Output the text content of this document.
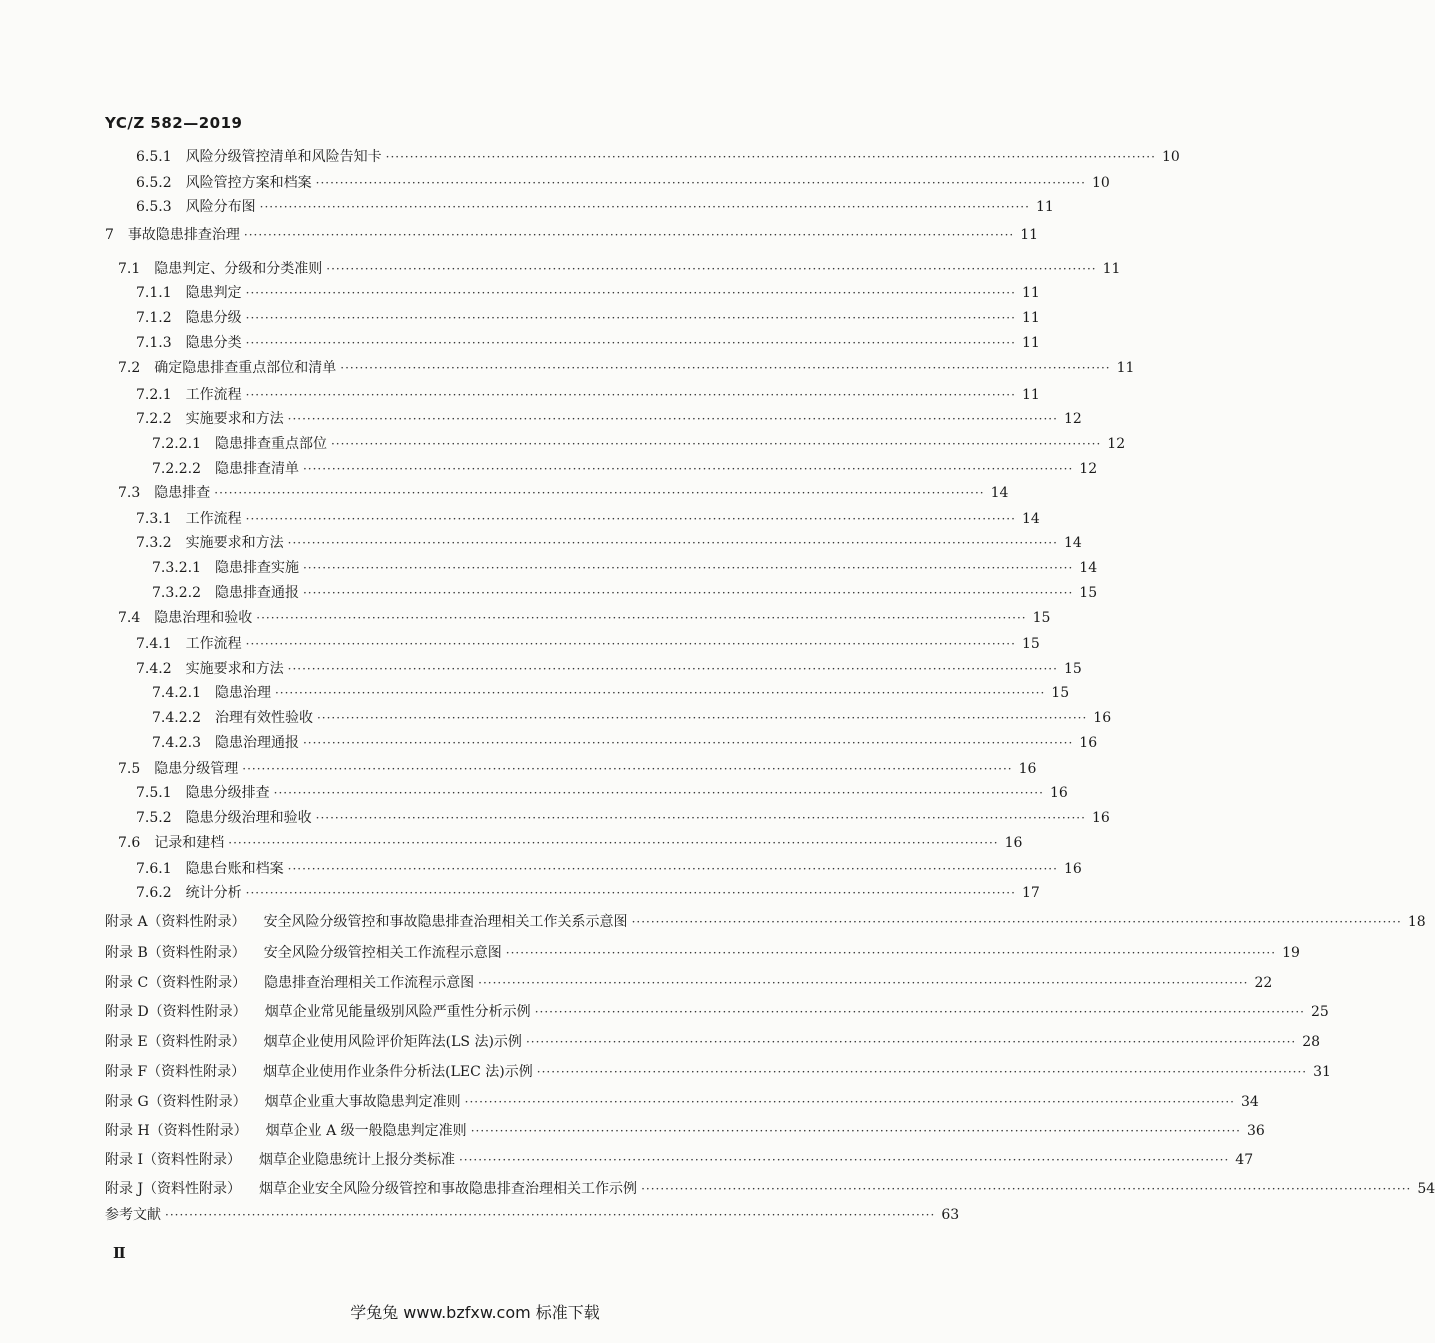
YC/Z 582—2019
6.5.1 风险分级管控清单和风险告知卡 ································································································································································ 10
6.5.2 风险管控方案和档案 ································································································································································ 10
6.5.3 风险分布图 ································································································································································ 11
7 事故隐患排查治理 ································································································································································ 11
7.1 隐患判定、分级和分类准则 ································································································································································ 11
7.1.1 隐患判定 ································································································································································ 11
7.1.2 隐患分级 ································································································································································ 11
7.1.3 隐患分类 ································································································································································ 11
7.2 确定隐患排查重点部位和清单 ································································································································································ 11
7.2.1 工作流程 ································································································································································ 11
7.2.2 实施要求和方法 ································································································································································ 12
7.2.2.1 隐患排查重点部位 ································································································································································ 12
7.2.2.2 隐患排查清单 ································································································································································ 12
7.3 隐患排查 ································································································································································ 14
7.3.1 工作流程 ································································································································································ 14
7.3.2 实施要求和方法 ································································································································································ 14
7.3.2.1 隐患排查实施 ································································································································································ 14
7.3.2.2 隐患排查通报 ································································································································································ 15
7.4 隐患治理和验收 ································································································································································ 15
7.4.1 工作流程 ································································································································································ 15
7.4.2 实施要求和方法 ································································································································································ 15
7.4.2.1 隐患治理 ································································································································································ 15
7.4.2.2 治理有效性验收 ································································································································································ 16
7.4.2.3 隐患治理通报 ································································································································································ 16
7.5 隐患分级管理 ································································································································································ 16
7.5.1 隐患分级排查 ································································································································································ 16
7.5.2 隐患分级治理和验收 ································································································································································ 16
7.6 记录和建档 ································································································································································ 16
7.6.1 隐患台账和档案 ································································································································································ 16
7.6.2 统计分析 ································································································································································ 17
附录 A（资料性附录） 安全风险分级管控和事故隐患排查治理相关工作关系示意图 ································································································································································ 18
附录 B（资料性附录） 安全风险分级管控相关工作流程示意图 ································································································································································ 19
附录 C（资料性附录） 隐患排查治理相关工作流程示意图 ································································································································································ 22
附录 D（资料性附录） 烟草企业常见能量级别风险严重性分析示例 ································································································································································ 25
附录 E（资料性附录） 烟草企业使用风险评价矩阵法(LS 法)示例 ································································································································································ 28
附录 F（资料性附录） 烟草企业使用作业条件分析法(LEC 法)示例 ································································································································································ 31
附录 G（资料性附录） 烟草企业重大事故隐患判定准则 ································································································································································ 34
附录 H（资料性附录） 烟草企业 A 级一般隐患判定准则 ································································································································································ 36
附录 I（资料性附录） 烟草企业隐患统计上报分类标准 ································································································································································ 47
附录 J（资料性附录） 烟草企业安全风险分级管控和事故隐患排查治理相关工作示例 ································································································································································ 54
参考文献 ································································································································································ 63
Ⅱ
学兔兔 www.bzfxw.com 标准下载
